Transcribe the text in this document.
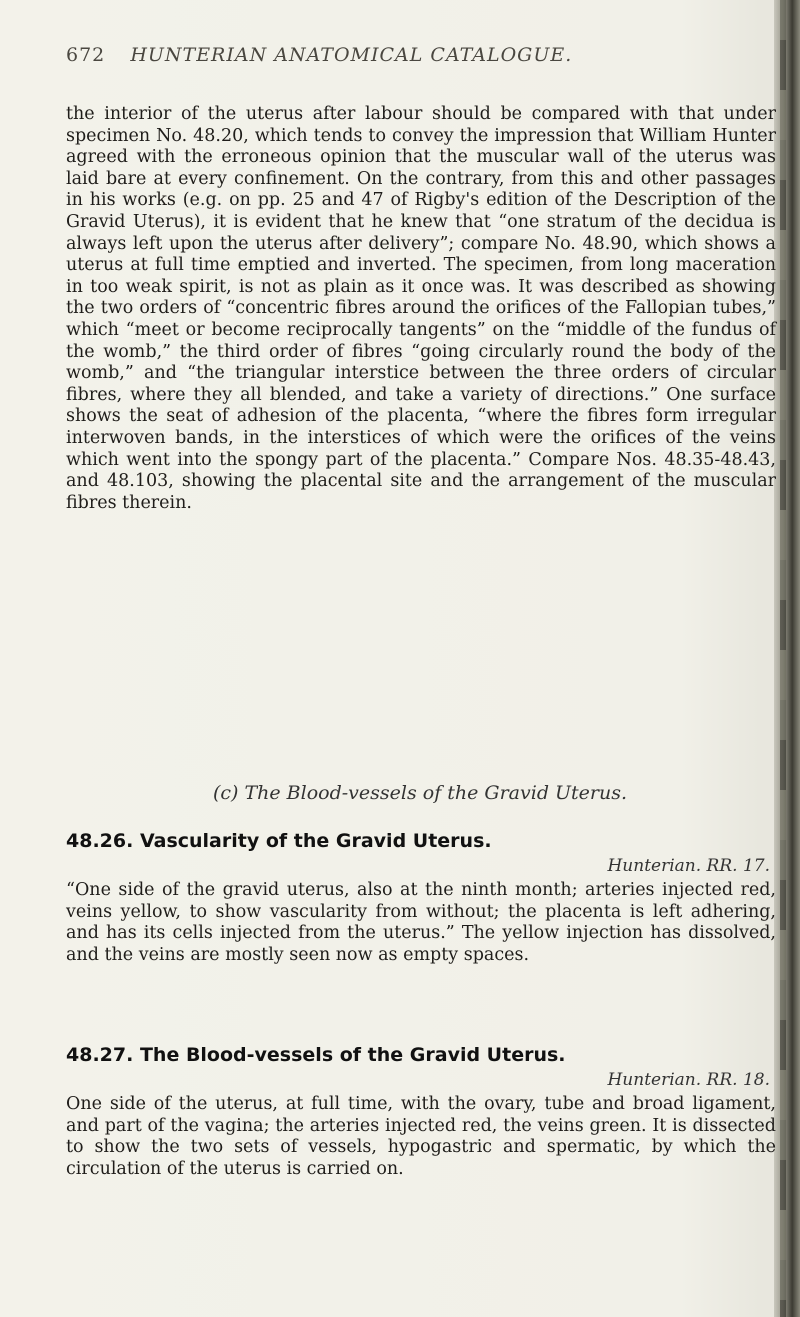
672 HUNTERIAN ANATOMICAL CATALOGUE.

the interior of the uterus after labour should be compared with that under specimen No. 48.20, which tends to convey the impression that William Hunter agreed with the erroneous opinion that the muscular wall of the uterus was laid bare at every confinement. On the contrary, from this and other passages in his works (e.g. on pp. 25 and 47 of Rigby's edition of the Description of the Gravid Uterus), it is evident that he knew that “one stratum of the decidua is always left upon the uterus after delivery”; compare No. 48.90, which shows a uterus at full time emptied and inverted. The specimen, from long maceration in too weak spirit, is not as plain as it once was. It was described as showing the two orders of “concentric fibres around the orifices of the Fallopian tubes,” which “meet or become reciprocally tangents” on the “middle of the fundus of the womb,” the third order of fibres “going circularly round the body of the womb,” and “the triangular interstice between the three orders of circular fibres, where they all blended, and take a variety of directions.” One surface shows the seat of adhesion of the placenta, “where the fibres form irregular interwoven bands, in the interstices of which were the orifices of the veins which went into the spongy part of the placenta.” Compare Nos. 48.35-48.43, and 48.103, showing the placental site and the arrangement of the muscular fibres therein.

(c) The Blood-vessels of the Gravid Uterus.

48.26. Vascularity of the Gravid Uterus.

Hunterian. RR. 17.

“One side of the gravid uterus, also at the ninth month; arteries injected red, veins yellow, to show vascularity from without; the placenta is left adhering, and has its cells injected from the uterus.” The yellow injection has dissolved, and the veins are mostly seen now as empty spaces.

48.27. The Blood-vessels of the Gravid Uterus.

Hunterian. RR. 18.

One side of the uterus, at full time, with the ovary, tube and broad ligament, and part of the vagina; the arteries injected red, the veins green. It is dissected to show the two sets of vessels, hypogastric and spermatic, by which the circulation of the uterus is carried on.
